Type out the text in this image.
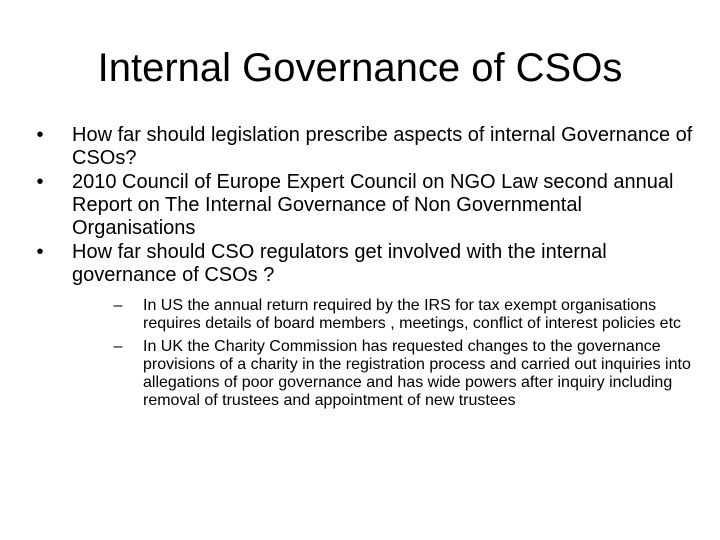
Internal Governance of CSOs
•	How far should legislation prescribe aspects of internal Governance of CSOs?
•	2010 Council of Europe Expert Council on NGO Law second annual Report on The Internal Governance of Non Governmental Organisations
•	How far should CSO regulators get involved with the internal governance of CSOs ?
–	In US the annual return required by the IRS for tax exempt organisations requires details of board members , meetings, conflict of interest policies etc
–	In UK the Charity Commission has requested changes to the governance provisions of a charity in the registration process and carried out inquiries into allegations of poor governance and has wide powers after inquiry including removal of trustees and appointment of new trustees
